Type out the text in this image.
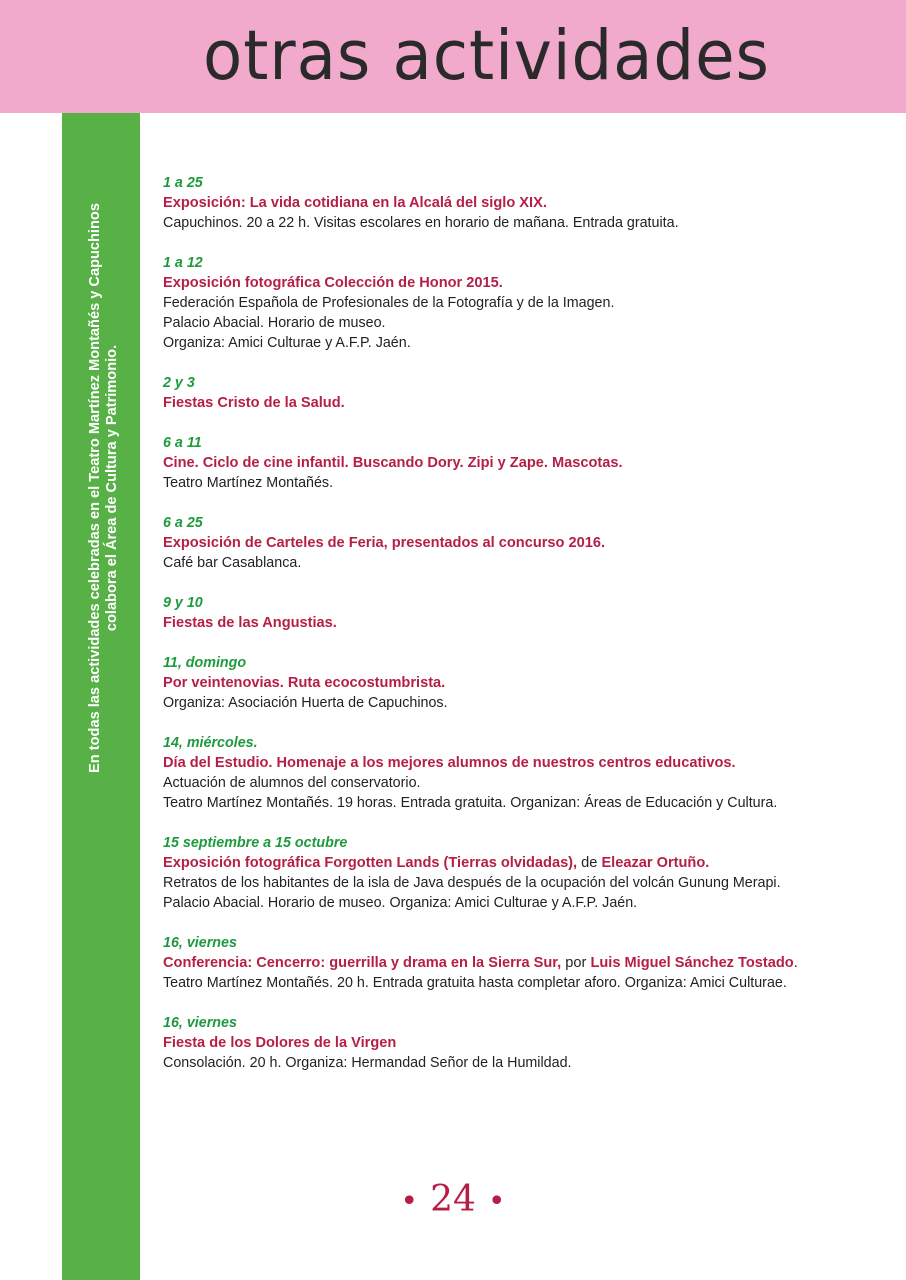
otras actividades
En todas las actividades celebradas en el Teatro Martínez Montañés y Capuchinos colabora el Área de Cultura y Patrimonio.
1 a 25
Exposición: La vida cotidiana en la Alcalá del siglo XIX.
Capuchinos. 20 a 22 h. Visitas escolares en horario de mañana. Entrada gratuita.
1 a 12
Exposición fotográfica Colección de Honor 2015.
Federación Española de Profesionales de la Fotografía y de la Imagen.
Palacio Abacial. Horario de museo.
Organiza: Amici Culturae y A.F.P. Jaén.
2 y 3
Fiestas Cristo de la Salud.
6 a 11
Cine. Ciclo de cine infantil. Buscando Dory. Zipi y Zape. Mascotas.
Teatro Martínez Montañés.
6 a 25
Exposición de Carteles de Feria, presentados al concurso 2016.
Café bar Casablanca.
9 y 10
Fiestas de las Angustias.
11, domingo
Por veintenovias. Ruta ecocostumbrista.
Organiza: Asociación Huerta de Capuchinos.
14, miércoles.
Día del Estudio. Homenaje a los mejores alumnos de nuestros centros educativos.
Actuación de alumnos del conservatorio.
Teatro Martínez Montañés. 19 horas. Entrada gratuita. Organizan: Áreas de Educación y Cultura.
15 septiembre a 15 octubre
Exposición fotográfica Forgotten Lands (Tierras olvidadas), de Eleazar Ortuño.
Retratos de los habitantes de la isla de Java después de la ocupación del volcán Gunung Merapi.
Palacio Abacial. Horario de museo. Organiza: Amici Culturae y A.F.P. Jaén.
16, viernes
Conferencia: Cencerro: guerrilla y drama en la Sierra Sur, por Luis Miguel Sánchez Tostado.
Teatro Martínez Montañés. 20 h. Entrada gratuita hasta completar aforo. Organiza: Amici Culturae.
16, viernes
Fiesta de los Dolores de la Virgen
Consolación. 20 h. Organiza: Hermandad Señor de la Humildad.
• 24 •
